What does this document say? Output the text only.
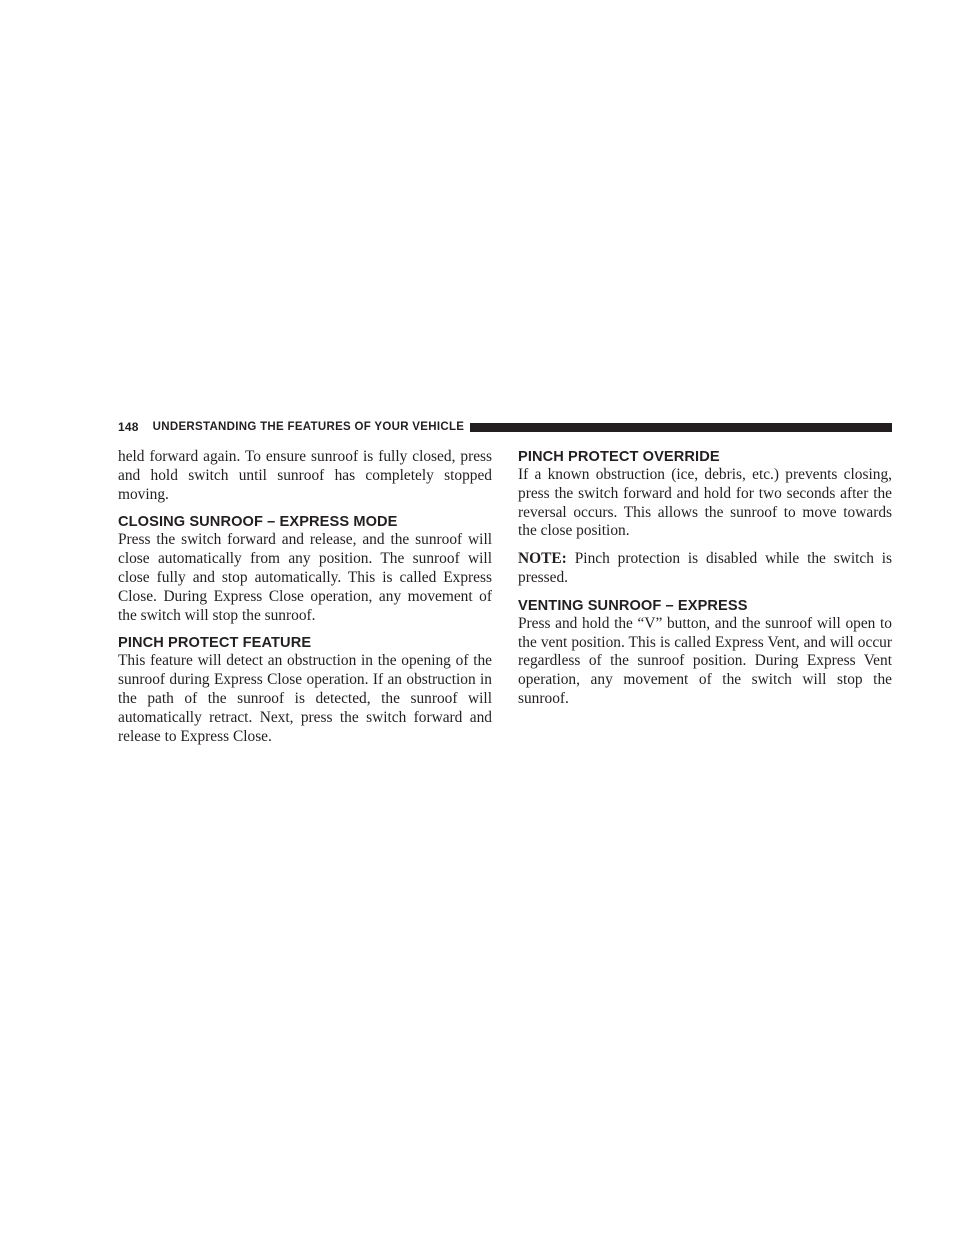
148 UNDERSTANDING THE FEATURES OF YOUR VEHICLE

held forward again. To ensure sunroof is fully closed, press and hold switch until sunroof has completely stopped moving.

CLOSING SUNROOF – EXPRESS MODE

Press the switch forward and release, and the sunroof will close automatically from any position. The sunroof will close fully and stop automatically. This is called Express Close. During Express Close operation, any movement of the switch will stop the sunroof.

PINCH PROTECT FEATURE

This feature will detect an obstruction in the opening of the sunroof during Express Close operation. If an obstruction in the path of the sunroof is detected, the sunroof will automatically retract. Next, press the switch forward and release to Express Close.

PINCH PROTECT OVERRIDE

If a known obstruction (ice, debris, etc.) prevents closing, press the switch forward and hold for two seconds after the reversal occurs. This allows the sunroof to move towards the close position.

NOTE: Pinch protection is disabled while the switch is pressed.

VENTING SUNROOF – EXPRESS

Press and hold the “V” button, and the sunroof will open to the vent position. This is called Express Vent, and will occur regardless of the sunroof position. During Express Vent operation, any movement of the switch will stop the sunroof.
